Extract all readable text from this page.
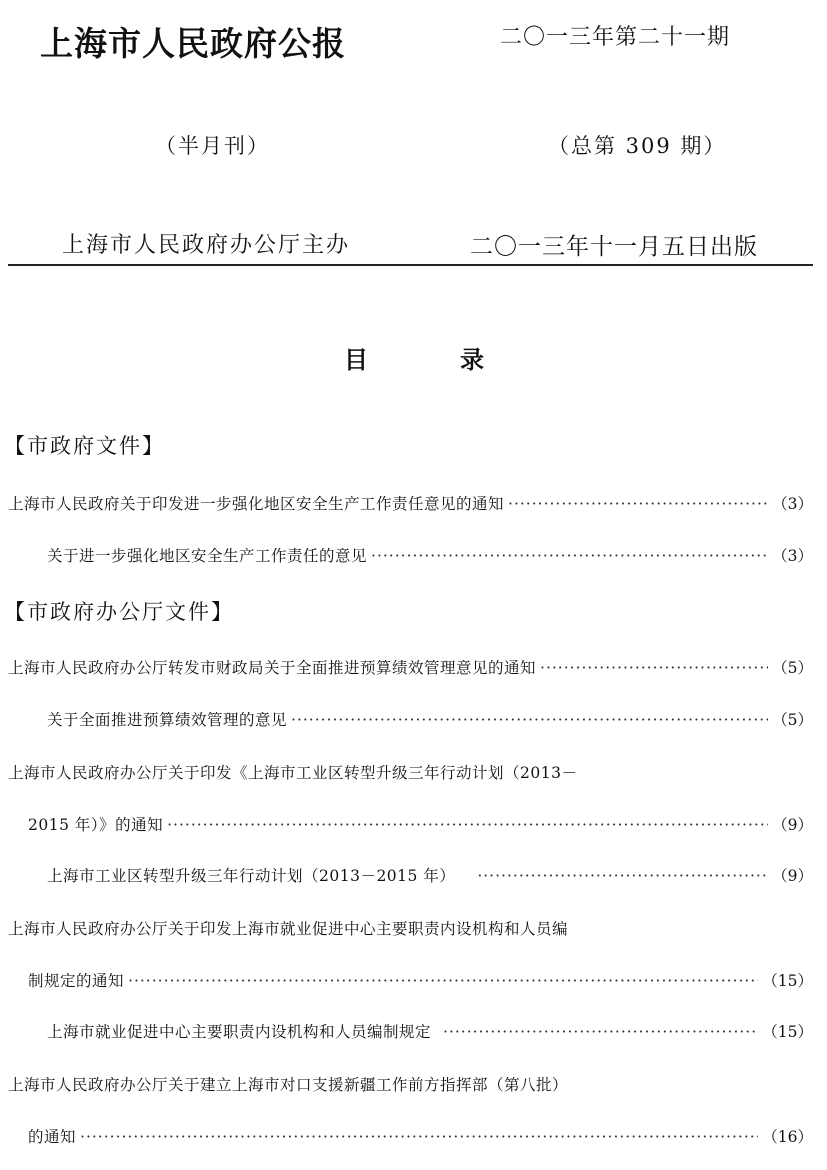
上海市人民政府公报	二〇一三年第二十一期
（半月刊）	（总第 309 期）
上海市人民政府办公厅主办	二〇一三年十一月五日出版
目	录
【市政府文件】
上海市人民政府关于印发进一步强化地区安全生产工作责任意见的通知 ·····	（3）
关于进一步强化地区安全生产工作责任的意见 ·····	（3）
【市政府办公厅文件】
上海市人民政府办公厅转发市财政局关于全面推进预算绩效管理意见的通知 ·····	（5）
关于全面推进预算绩效管理的意见 ·····	（5）
上海市人民政府办公厅关于印发《上海市工业区转型升级三年行动计划（2013－
2015 年）》的通知 ·····	（9）
上海市工业区转型升级三年行动计划（2013－2015 年） ·····	（9）
上海市人民政府办公厅关于印发上海市就业促进中心主要职责内设机构和人员编
制规定的通知 ·····	（15）
上海市就业促进中心主要职责内设机构和人员编制规定 ·····	（15）
上海市人民政府办公厅关于建立上海市对口支援新疆工作前方指挥部（第八批）
的通知 ·····	（16）
